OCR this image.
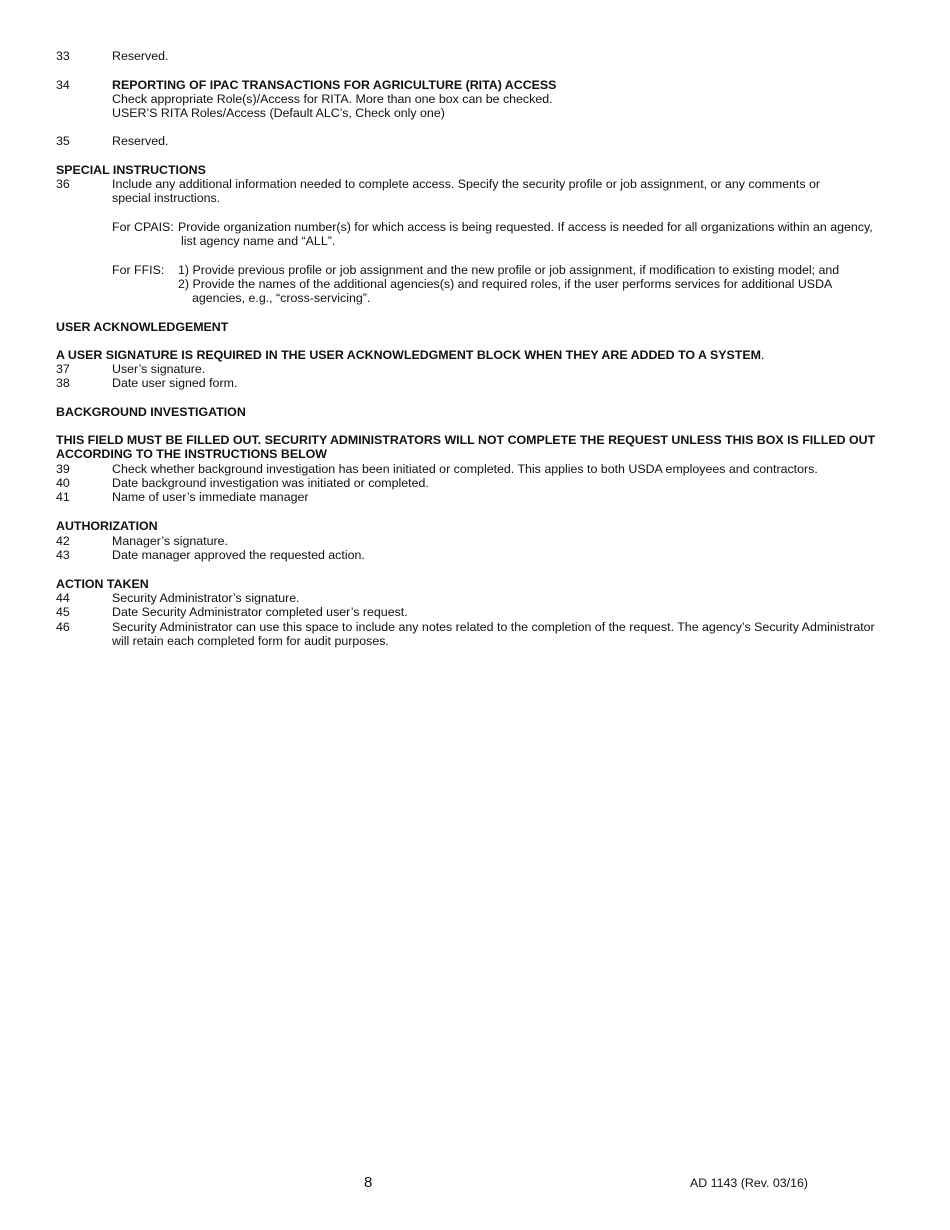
33	Reserved.
34	REPORTING OF IPAC TRANSACTIONS FOR AGRICULTURE (RITA) ACCESS
Check appropriate Role(s)/Access for RITA. More than one box can be checked.
USER’S RITA Roles/Access (Default ALC’s, Check only one)
35	Reserved.
SPECIAL INSTRUCTIONS
36	Include any additional information needed to complete access. Specify the security profile or job assignment, or any comments or
special instructions.
For CPAIS: Provide organization number(s) for which access is being requested. If access is needed for all organizations within an agency,
list agency name and “ALL”.
For FFIS: 1) Provide previous profile or job assignment and the new profile or job assignment, if modification to existing model; and
2) Provide the names of the additional agencies(s) and required roles, if the user performs services for additional USDA
agencies, e.g., “cross-servicing”.
USER ACKNOWLEDGEMENT
A USER SIGNATURE IS REQUIRED IN THE USER ACKNOWLEDGMENT BLOCK WHEN THEY ARE ADDED TO A SYSTEM.
37	User’s signature.
38	Date user signed form.
BACKGROUND INVESTIGATION
THIS FIELD MUST BE FILLED OUT. SECURITY ADMINISTRATORS WILL NOT COMPLETE THE REQUEST UNLESS THIS BOX IS FILLED OUT
ACCORDING TO THE INSTRUCTIONS BELOW
39	Check whether background investigation has been initiated or completed. This applies to both USDA employees and contractors.
40	Date background investigation was initiated or completed.
41	Name of user’s immediate manager
AUTHORIZATION
42	Manager’s signature.
43	Date manager approved the requested action.
ACTION TAKEN
44	Security Administrator’s signature.
45	Date Security Administrator completed user’s request.
46	Security Administrator can use this space to include any notes related to the completion of the request. The agency’s Security Administrator
will retain each completed form for audit purposes.
8	AD 1143 (Rev. 03/16)
